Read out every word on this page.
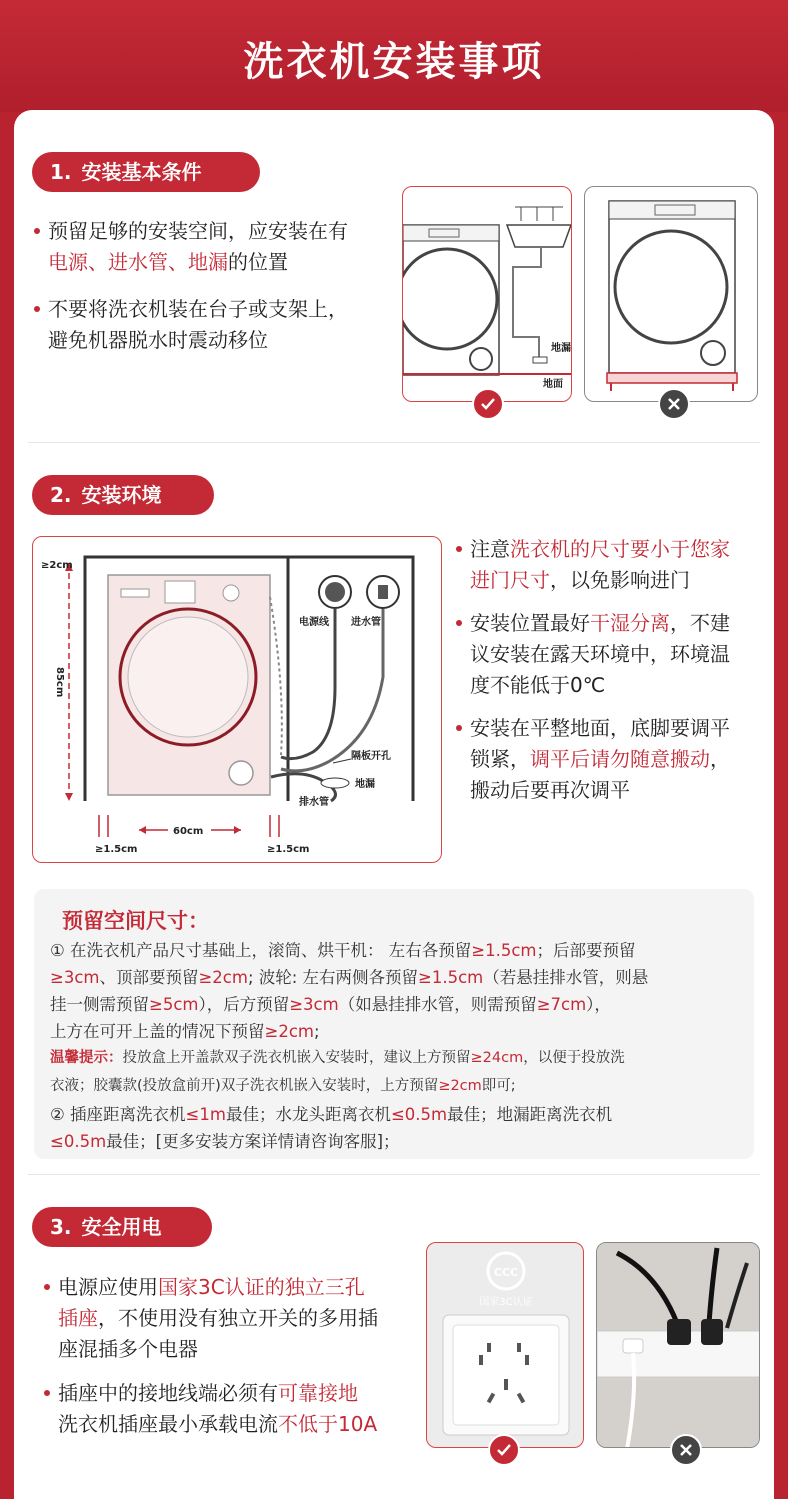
洗衣机安装事项
1. 安装基本条件
预留足够的安装空间，应安装在有
电源、进水管、地漏的位置
不要将洗衣机装在台子或支架上，
避免机器脱水时震动移位	地漏
地面
2. 安装环境
85cm
≥2cm
电源线 进水管
隔板开孔
地漏
排水管
60cm
≥1.5cm	≥1.5cm
注意洗衣机的尺寸要小于您家
进门尺寸，以免影响进门
安装位置最好干湿分离，不建
议安装在露天环境中，环境温
度不能低于0℃
安装在平整地面，底脚要调平
锁紧，调平后请勿随意搬动，
搬动后要再次调平
预留空间尺寸：
① 在洗衣机产品尺寸基础上，滚筒、烘干机： 左右各预留≥1.5cm；后部要预留
≥3cm、顶部要预留≥2cm; 波轮: 左右两侧各预留≥1.5cm（若悬挂排水管，则悬
挂一侧需预留≥5cm），后方预留≥3cm（如悬挂排水管，则需预留≥7cm），
上方在可开上盖的情况下预留≥2cm;
温馨提示：投放盒上开盖款双子洗衣机嵌入安装时，建议上方预留≥24cm，以便于投放洗
衣液；胶囊款(投放盒前开)双子洗衣机嵌入安装时，上方预留≥2cm即可;
② 插座距离洗衣机≤1m最佳；水龙头距离衣机≤0.5m最佳；地漏距离洗衣机
≤0.5m最佳；[更多安装方案详情请咨询客服]；
3. 安全用电
电源应使用国家3C认证的独立三孔
插座，不使用没有独立开关的多用插
座混插多个电器
插座中的接地线端必须有可靠接地
洗衣机插座最小承载电流不低于10A
CCC
国家3C认证
